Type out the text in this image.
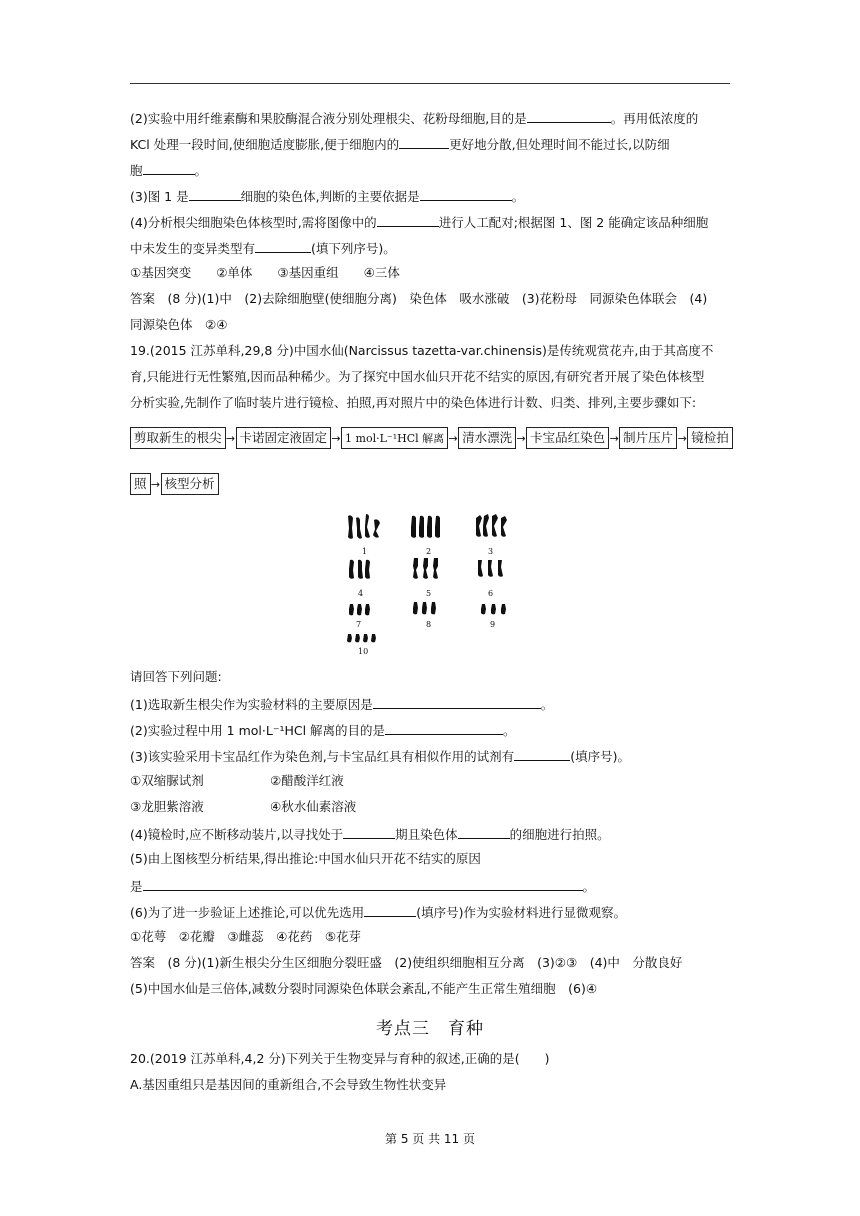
(2)实验中用纤维素酶和果胶酶混合液分别处理根尖、花粉母细胞,目的是	。再用低浓度的
KCl 处理一段时间,使细胞适度膨胀,便于细胞内的	更好地分散,但处理时间不能过长,以防细
胞	。
(3)图 1 是	细胞的染色体,判断的主要依据是	。
(4)分析根尖细胞染色体核型时,需将图像中的	进行人工配对;根据图 1、图 2 能确定该品种细胞
中未发生的变异类型有	(填下列序号)。
①基因突变　　②单体　　③基因重组　　④三体
答案　(8 分)(1)中　(2)去除细胞壁(使细胞分离)　染色体　吸水涨破　(3)花粉母　同源染色体联会　(4)
同源染色体　②④
19.(2015 江苏单科,29,8 分)中国水仙(Narcissus tazetta-var.chinensis)是传统观赏花卉,由于其高度不
育,只能进行无性繁殖,因而品种稀少。为了探究中国水仙只开花不结实的原因,有研究者开展了染色体核型
分析实验,先制作了临时装片进行镜检、拍照,再对照片中的染色体进行计数、归类、排列,主要步骤如下:
剪取新生的根尖 → 卡诺固定液固定 → 1 mol·L⁻¹HCl 解离 → 清水漂洗 → 卡宝品红染色 → 制片压片 → 镜检拍
照 → 核型分析
1	2	3
4	5	6
7	8	9
10
请回答下列问题:
(1)选取新生根尖作为实验材料的主要原因是	。
(2)实验过程中用 1 mol·L⁻¹HCl 解离的目的是	。
(3)该实验采用卡宝品红作为染色剂,与卡宝品红具有相似作用的试剂有	(填序号)。
①双缩脲试剂	②醋酸洋红液
③龙胆紫溶液	④秋水仙素溶液
(4)镜检时,应不断移动装片,以寻找处于	期且染色体	的细胞进行拍照。
(5)由上图核型分析结果,得出推论:中国水仙只开花不结实的原因
是	。
(6)为了进一步验证上述推论,可以优先选用	(填序号)作为实验材料进行显微观察。
①花萼　②花瓣　③雌蕊　④花药　⑤花芽
答案　(8 分)(1)新生根尖分生区细胞分裂旺盛　(2)使组织细胞相互分离　(3)②③　(4)中　分散良好
(5)中国水仙是三倍体,减数分裂时同源染色体联会紊乱,不能产生正常生殖细胞　(6)④
考点三　育种
20.(2019 江苏单科,4,2 分)下列关于生物变异与育种的叙述,正确的是(　　)
A.基因重组只是基因间的重新组合,不会导致生物性状变异
第 5 页 共 11 页
